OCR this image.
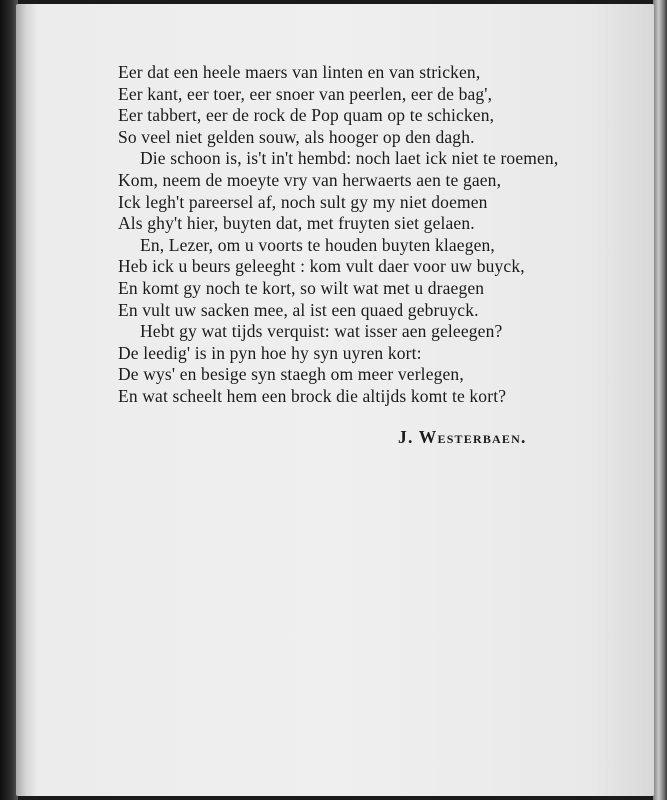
Eer dat een heele maers van linten en van stricken,
Eer kant, eer toer, eer snoer van peerlen, eer de bag',
Eer tabbert, eer de rock de Pop quam op te schicken,
So veel niet gelden souw, als hooger op den dagh.
Die schoon is, is't in't hembd: noch laet ick niet te roemen,
Kom, neem de moeyte vry van herwaerts aen te gaen,
Ick legh't pareersel af, noch sult gy my niet doemen
Als ghy't hier, buyten dat, met fruyten siet gelaen.
En, Lezer, om u voorts te houden buyten klaegen,
Heb ick u beurs geleeght : kom vult daer voor uw buyck,
En komt gy noch te kort, so wilt wat met u draegen
En vult uw sacken mee, al ist een quaed gebruyck.
Hebt gy wat tijds verquist: wat isser aen geleegen?
De leedig' is in pyn hoe hy syn uyren kort:
De wys' en besige syn staegh om meer verlegen,
En wat scheelt hem een brock die altijds komt te kort?
J. Westerbaen.
